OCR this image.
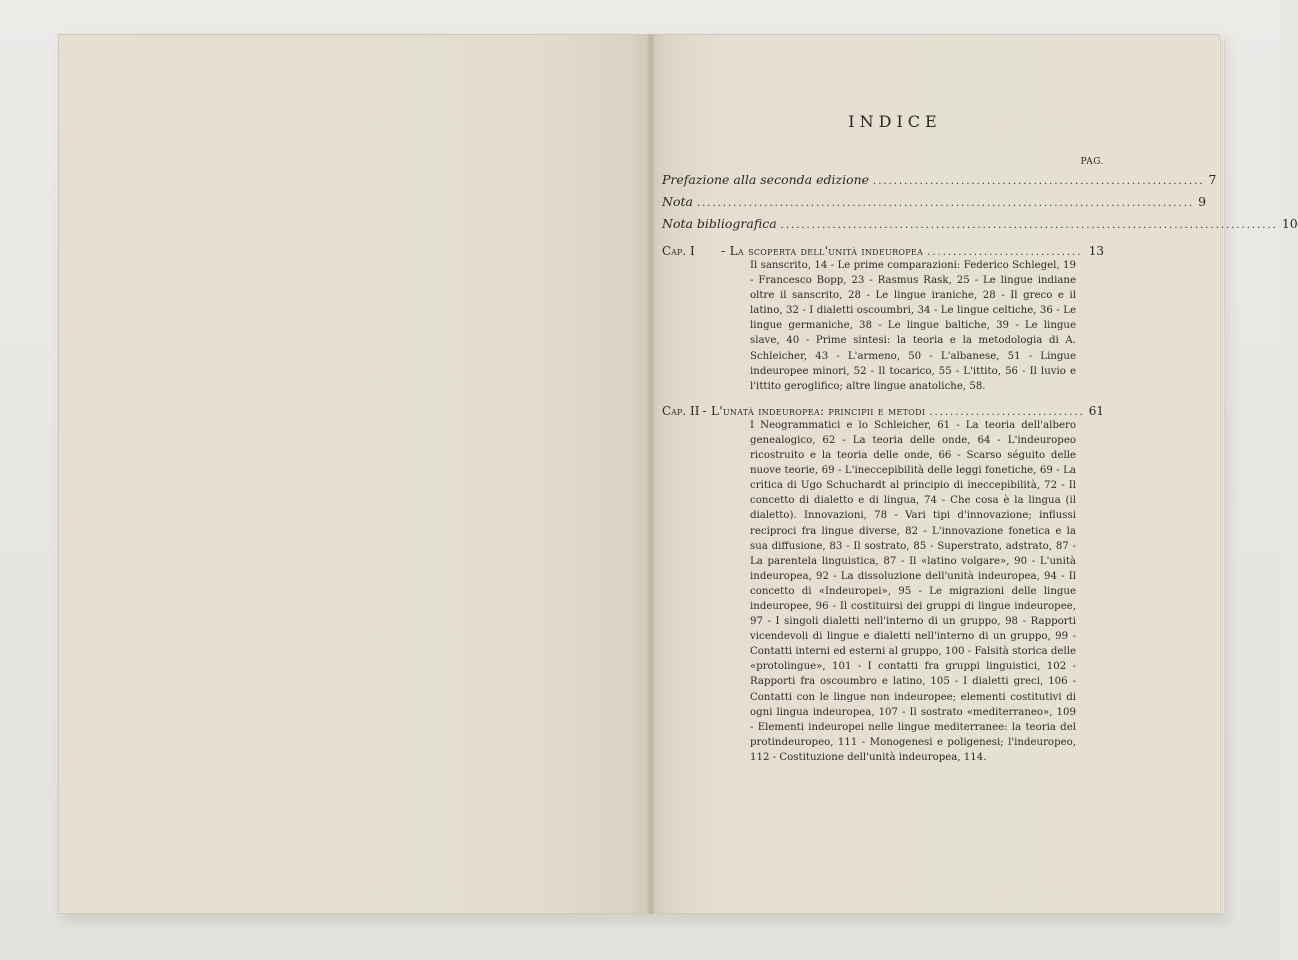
INDICE
PAG.
Prefazione alla seconda edizione ................................................................ 7
Nota ................................................................................................ 9
Nota bibliografica ................................................................................................ 10
Cap. I	- La scoperta dell'unità indeuropea .............................. 13
Il sanscrito, 14 - Le prime comparazioni: Federico Schlegel, 19 - Francesco Bopp, 23 - Rasmus Rask, 25 - Le lingue indiane oltre il sanscrito, 28 - Le lingue iraniche, 28 - Il greco e il latino, 32 - I dialetti oscoumbri, 34 - Le lingue celtiche, 36 - Le lingue germaniche, 38 - Le lingue baltiche, 39 - Le lingue slave, 40 - Prime sintesi: la teoria e la metodologia di A. Schleicher, 43 - L'armeno, 50 - L'albanese, 51 - Lingue indeuropee minori, 52 - Il tocarico, 55 - L'ittito, 56 - Il luvio e l'ittito geroglifico; altre lingue anatoliche, 58.
Cap. II - L'unatà indeuropea: principii e metodi .............................. 61
I Neogrammatici e lo Schleicher, 61 - La teoria dell'albero genealogico, 62 - La teoria delle onde, 64 - L'indeuropeo ricostruito e la teoria delle onde, 66 - Scarso séguito delle nuove teorie, 69 - L'ineccepibilità delle leggi fonetiche, 69 - La critica di Ugo Schuchardt al principio di ineccepibilità, 72 - Il concetto di dialetto e di lingua, 74 - Che cosa è la lingua (il dialetto). Innovazioni, 78 - Vari tipi d'innovazione; influssi reciproci fra lingue diverse, 82 - L'innovazione fonetica e la sua diffusione, 83 - Il sostrato, 85 - Superstrato, adstrato, 87 - La parentela linguistica, 87 - Il «latino volgare», 90 - L'unità indeuropea, 92 - La dissoluzione dell'unità indeuropea, 94 - Il concetto di «Indeuropei», 95 - Le migrazioni delle lingue indeuropee, 96 - Il costituirsi dei gruppi di lingue indeuropee, 97 - I singoli dialetti nell'interno di un gruppo, 98 - Rapporti vicendevoli di lingue e dialetti nell'interno di un gruppo, 99 - Contatti interni ed esterni al gruppo, 100 - Falsità storica delle «protolingue», 101 - I contatti fra gruppi linguistici, 102 - Rapporti fra oscoumbro e latino, 105 - I dialetti greci, 106 - Contatti con le lingue non indeuropee; elementi costitutivi di ogni lingua indeuropea, 107 - Il sostrato «mediterraneo», 109 - Elementi indeuropei nelle lingue mediterranee: la teoria del protindeuropeo, 111 - Monogenesi e poligenesi; l'indeuropeo, 112 - Costituzione dell'unità indeuropea, 114.
